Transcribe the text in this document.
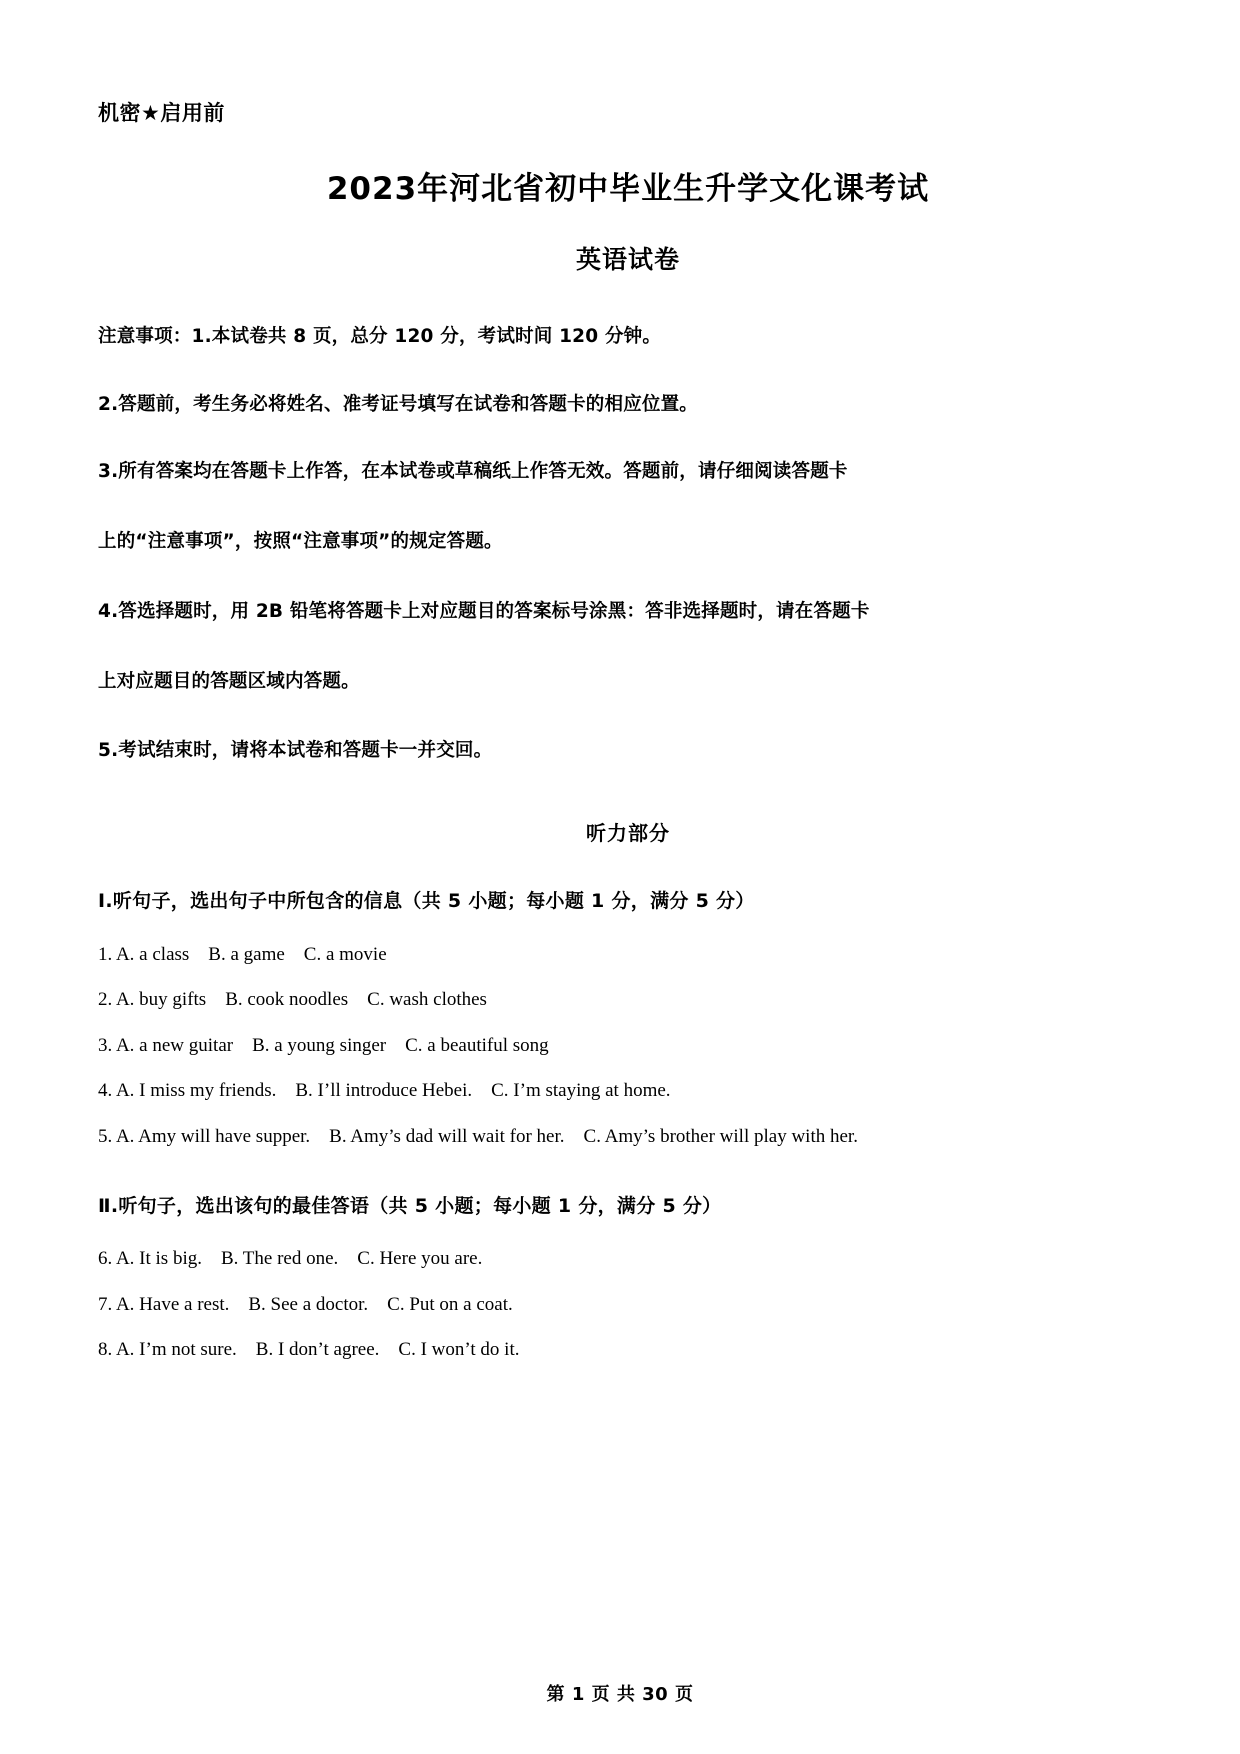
机密★启用前
2023年河北省初中毕业生升学文化课考试
英语试卷
注意事项：1.本试卷共 8 页，总分 120 分，考试时间 120 分钟。
2.答题前，考生务必将姓名、准考证号填写在试卷和答题卡的相应位置。
3.所有答案均在答题卡上作答，在本试卷或草稿纸上作答无效。答题前，请仔细阅读答题卡
上的“注意事项”，按照“注意事项”的规定答题。
4.答选择题时，用 2B 铅笔将答题卡上对应题目的答案标号涂黑：答非选择题时，请在答题卡
上对应题目的答题区域内答题。
5.考试结束时，请将本试卷和答题卡一并交回。
听力部分
Ⅰ.听句子，选出句子中所包含的信息（共 5 小题；每小题 1 分，满分 5 分）
1. A. a class    B. a game    C. a movie
2. A. buy gifts    B. cook noodles    C. wash clothes
3. A. a new guitar    B. a young singer    C. a beautiful song
4. A. I miss my friends.    B. I’ll introduce Hebei.    C. I’m staying at home.
5. A. Amy will have supper.    B. Amy’s dad will wait for her.    C. Amy’s brother will play with her.
Ⅱ.听句子，选出该句的最佳答语（共 5 小题；每小题 1 分，满分 5 分）
6. A. It is big.    B. The red one.    C. Here you are.
7. A. Have a rest.    B. See a doctor.    C. Put on a coat.
8. A. I’m not sure.    B. I don’t agree.    C. I won’t do it.
第 1 页 共 30 页
